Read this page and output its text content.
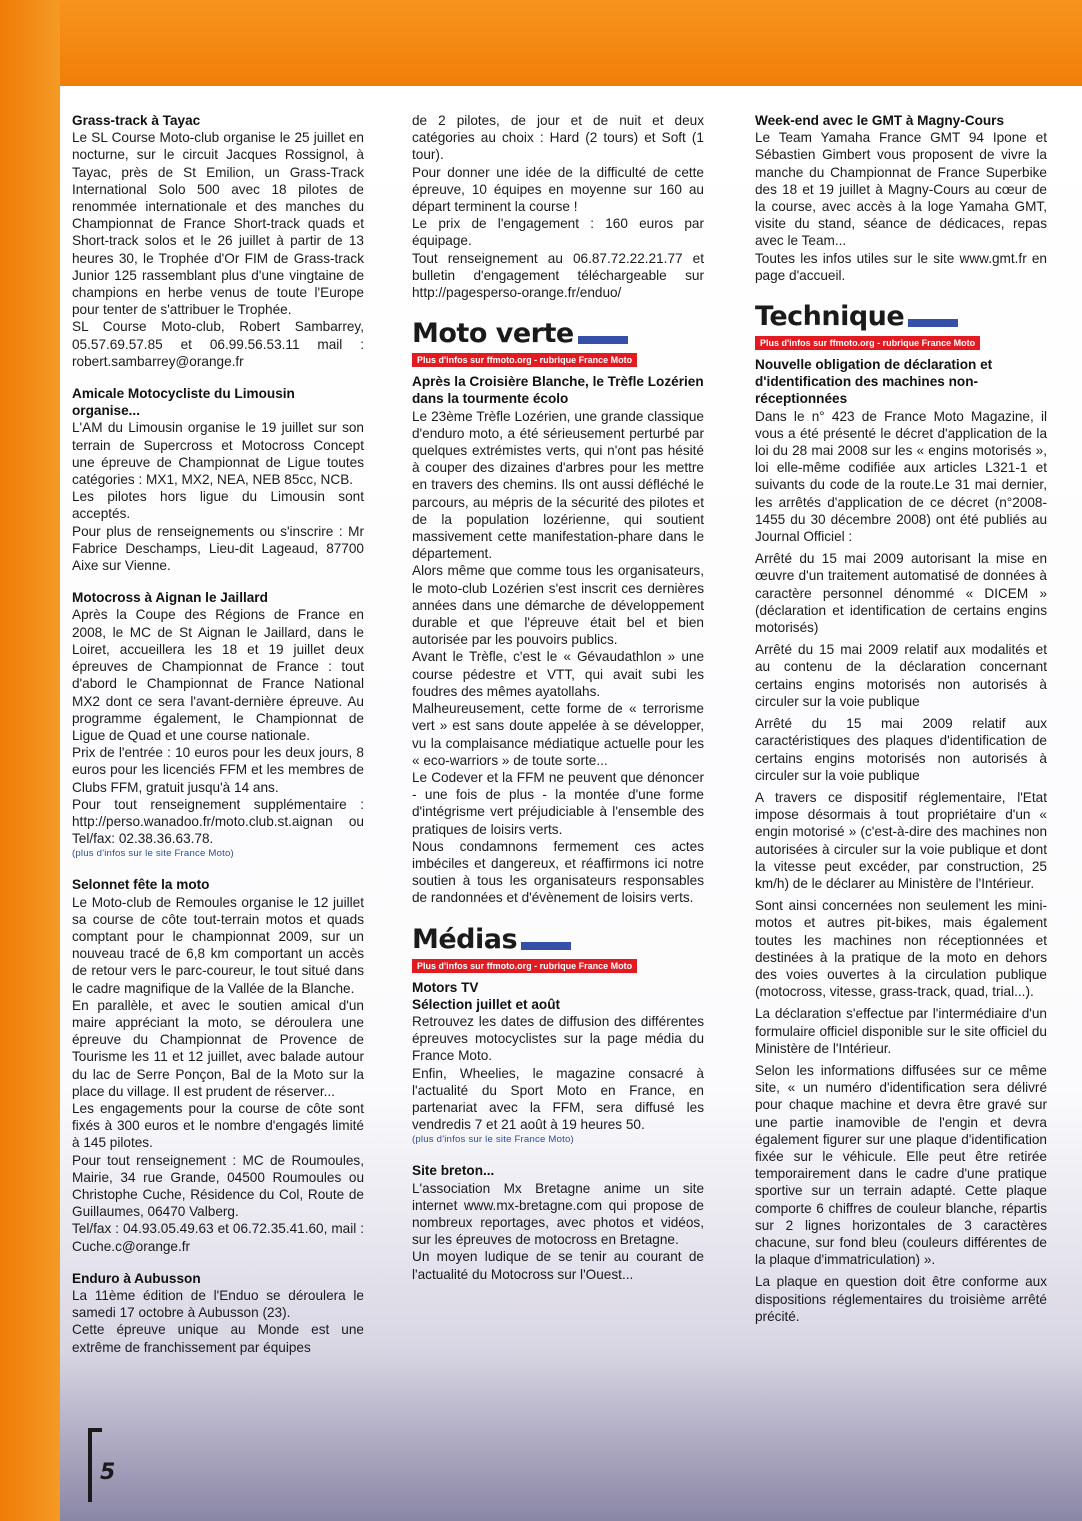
Grass-track à Tayac

Le SL Course Moto-club organise le 25 juillet en nocturne, sur le circuit Jacques Rossignol, à Tayac, près de St Emilion, un Grass-Track International Solo 500 avec 18 pilotes de renommée internationale et des manches du Championnat de France Short-track quads et Short-track solos et le 26 juillet à partir de 13 heures 30, le Trophée d'Or FIM de Grass-track Junior 125 rassemblant plus d'une vingtaine de champions en herbe venus de toute l'Europe pour tenter de s'attribuer le Trophée.

SL Course Moto-club, Robert Sambarrey, 05.57.69.57.85 et 06.99.56.53.11 mail : robert.sambarrey@orange.fr

Amicale Motocycliste du Limousin organise...

L'AM du Limousin organise le 19 juillet sur son terrain de Supercross et Motocross Concept une épreuve de Championnat de Ligue toutes catégories : MX1, MX2, NEA, NEB 85cc, NCB.

Les pilotes hors ligue du Limousin sont acceptés.

Pour plus de renseignements ou s'inscrire : Mr Fabrice Deschamps, Lieu-dit Lageaud, 87700 Aixe sur Vienne.

Motocross à Aignan le Jaillard

Après la Coupe des Régions de France en 2008, le MC de St Aignan le Jaillard, dans le Loiret, accueillera les 18 et 19 juillet deux épreuves de Championnat de France : tout d'abord le Championnat de France National MX2 dont ce sera l'avant-dernière épreuve. Au programme également, le Championnat de Ligue de Quad et une course nationale.

Prix de l'entrée : 10 euros pour les deux jours, 8 euros pour les licenciés FFM et les membres de Clubs FFM, gratuit jusqu'à 14 ans.

Pour tout renseignement supplémentaire : http://perso.wanadoo.fr/moto.club.st.aignan ou Tel/fax: 02.38.36.63.78.

(plus d'infos sur le site France Moto)

Selonnet fête la moto

Le Moto-club de Remoules organise le 12 juillet sa course de côte tout-terrain motos et quads comptant pour le championnat 2009, sur un nouveau tracé de 6,8 km comportant un accès de retour vers le parc-coureur, le tout situé dans le cadre magnifique de la Vallée de la Blanche.

En parallèle, et avec le soutien amical d'un maire appréciant la moto, se déroulera une épreuve du Championnat de Provence de Tourisme les 11 et 12 juillet, avec balade autour du lac de Serre Ponçon, Bal de la Moto sur la place du village. Il est prudent de réserver...

Les engagements pour la course de côte sont fixés à 300 euros et le nombre d'engagés limité à 145 pilotes.

Pour tout renseignement : MC de Roumoules, Mairie, 34 rue Grande, 04500 Roumoules ou Christophe Cuche, Résidence du Col, Route de Guillaumes, 06470 Valberg.

Tel/fax : 04.93.05.49.63 et 06.72.35.41.60, mail : Cuche.c@orange.fr

Enduro à Aubusson

La 11ème édition de l'Enduo se déroulera le samedi 17 octobre à Aubusson (23).

Cette épreuve unique au Monde est une extrême de franchissement par équipes

de 2 pilotes, de jour et de nuit et deux catégories au choix : Hard (2 tours) et Soft (1 tour).

Pour donner une idée de la difficulté de cette épreuve, 10 équipes en moyenne sur 160 au départ terminent la course !

Le prix de l'engagement : 160 euros par équipage.

Tout renseignement au 06.87.72.22.21.77 et bulletin d'engagement téléchargeable sur http://pagesperso-orange.fr/enduo/

Moto verte
Plus d'infos sur ffmoto.org - rubrique France Moto
Après la Croisière Blanche, le Trèfle Lozérien dans la tourmente écolo

Le 23ème Trèfle Lozérien, une grande classique d'enduro moto, a été sérieusement perturbé par quelques extrémistes verts, qui n'ont pas hésité à couper des dizaines d'arbres pour les mettre en travers des chemins. Ils ont aussi défléché le parcours, au mépris de la sécurité des pilotes et de la population lozérienne, qui soutient massivement cette manifestation-phare dans le département.

Alors même que comme tous les organisateurs, le moto-club Lozérien s'est inscrit ces dernières années dans une démarche de développement durable et que l'épreuve était bel et bien autorisée par les pouvoirs publics.

Avant le Trèfle, c'est le « Gévaudathlon » une course pédestre et VTT, qui avait subi les foudres des mêmes ayatollahs.

Malheureusement, cette forme de « terrorisme vert » est sans doute appelée à se développer, vu la complaisance médiatique actuelle pour les « eco-warriors » de toute sorte...

Le Codever et la FFM ne peuvent que dénoncer - une fois de plus - la montée d'une forme d'intégrisme vert préjudiciable à l'ensemble des pratiques de loisirs verts.

Nous condamnons fermement ces actes imbéciles et dangereux, et réaffirmons ici notre soutien à tous les organisateurs responsables de randonnées et d'évènement de loisirs verts.

Médias
Plus d'infos sur ffmoto.org - rubrique France Moto
Motors TV
Sélection juillet et août

Retrouvez les dates de diffusion des différentes épreuves motocyclistes sur la page média du France Moto.

Enfin, Wheelies, le magazine consacré à l'actualité du Sport Moto en France, en partenariat avec la FFM, sera diffusé les vendredis 7 et 21 août à 19 heures 50.

(plus d'infos sur le site France Moto)

Site breton...

L'association Mx Bretagne anime un site internet www.mx-bretagne.com qui propose de nombreux reportages, avec photos et vidéos, sur les épreuves de motocross en Bretagne.

Un moyen ludique de se tenir au courant de l'actualité du Motocross sur l'Ouest...

Week-end avec le GMT à Magny-Cours

Le Team Yamaha France GMT 94 Ipone et Sébastien Gimbert vous proposent de vivre la manche du Championnat de France Superbike des 18 et 19 juillet à Magny-Cours au cœur de la course, avec accès à la loge Yamaha GMT, visite du stand, séance de dédicaces, repas avec le Team...

Toutes les infos utiles sur le site www.gmt.fr en page d'accueil.

Technique
Plus d'infos sur ffmoto.org - rubrique France Moto
Nouvelle obligation de déclaration et d'identification des machines non-réceptionnées

Dans le n° 423 de France Moto Magazine, il vous a été présenté le décret d'application de la loi du 28 mai 2008 sur les « engins motorisés », loi elle-même codifiée aux articles L321-1 et suivants du code de la route.Le 31 mai dernier, les arrêtés d'application de ce décret (n°2008-1455 du 30 décembre 2008) ont été publiés au Journal Officiel :

Arrêté du 15 mai 2009 autorisant la mise en œuvre d'un traitement automatisé de données à caractère personnel dénommé « DICEM » (déclaration et identification de certains engins motorisés)

Arrêté du 15 mai 2009 relatif aux modalités et au contenu de la déclaration concernant certains engins motorisés non autorisés à circuler sur la voie publique

Arrêté du 15 mai 2009 relatif aux caractéristiques des plaques d'identification de certains engins motorisés non autorisés à circuler sur la voie publique

A travers ce dispositif réglementaire, l'Etat impose désormais à tout propriétaire d'un « engin motorisé » (c'est-à-dire des machines non autorisées à circuler sur la voie publique et dont la vitesse peut excéder, par construction, 25 km/h) de le déclarer au Ministère de l'Intérieur.

Sont ainsi concernées non seulement les mini-motos et autres pit-bikes, mais également toutes les machines non réceptionnées et destinées à la pratique de la moto en dehors des voies ouvertes à la circulation publique (motocross, vitesse, grass-track, quad, trial...).

La déclaration s'effectue par l'intermédiaire d'un formulaire officiel disponible sur le site officiel du Ministère de l'Intérieur.

Selon les informations diffusées sur ce même site, « un numéro d'identification sera délivré pour chaque machine et devra être gravé sur une partie inamovible de l'engin et devra également figurer sur une plaque d'identification fixée sur le véhicule. Elle peut être retirée temporairement dans le cadre d'une pratique sportive sur un terrain adapté. Cette plaque comporte 6 chiffres de couleur blanche, répartis sur 2 lignes horizontales de 3 caractères chacune, sur fond bleu (couleurs différentes de la plaque d'immatriculation) ».

La plaque en question doit être conforme aux dispositions réglementaires du troisième arrêté précité.

5
